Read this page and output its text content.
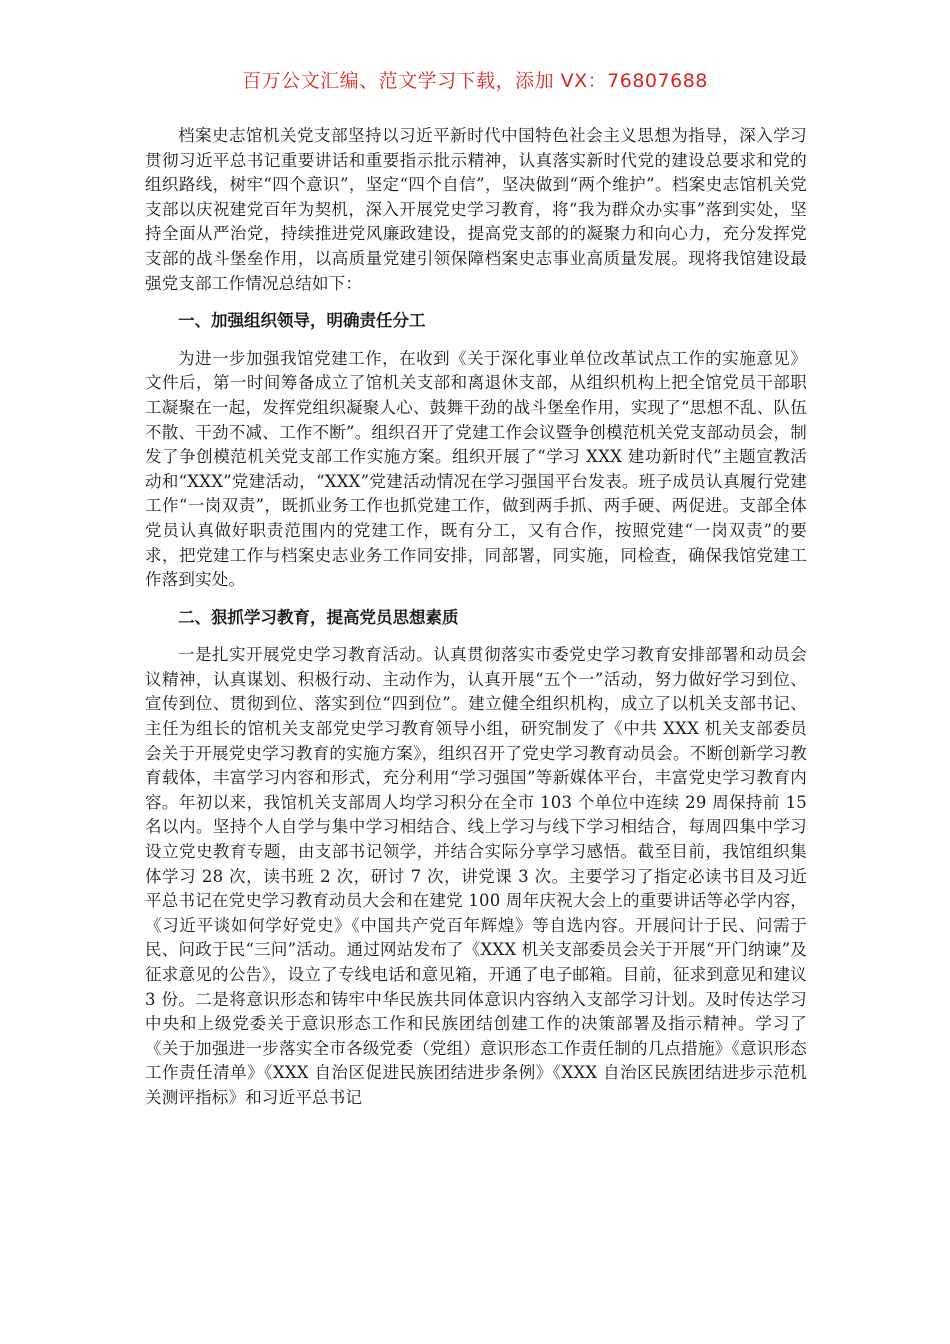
百万公文汇编、范文学习下载，添加 VX：76807688

档案史志馆机关党支部坚持以习近平新时代中国特色社会主义思想为指导，深入学习贯彻习近平总书记重要讲话和重要指示批示精神，认真落实新时代党的建设总要求和党的组织路线，树牢“四个意识”，坚定“四个自信”，坚决做到“两个维护”。档案史志馆机关党支部以庆祝建党百年为契机，深入开展党史学习教育，将“我为群众办实事”落到实处，坚持全面从严治党，持续推进党风廉政建设，提高党支部的的凝聚力和向心力，充分发挥党支部的战斗堡垒作用，以高质量党建引领保障档案史志事业高质量发展。现将我馆建设最强党支部工作情况总结如下：

一、加强组织领导，明确责任分工

为进一步加强我馆党建工作，在收到《关于深化事业单位改革试点工作的实施意见》文件后，第一时间筹备成立了馆机关支部和离退休支部，从组织机构上把全馆党员干部职工凝聚在一起，发挥党组织凝聚人心、鼓舞干劲的战斗堡垒作用，实现了“思想不乱、队伍不散、干劲不减、工作不断”。组织召开了党建工作会议暨争创模范机关党支部动员会，制发了争创模范机关党支部工作实施方案。组织开展了“学习 XXX 建功新时代”主题宣教活动和“XXX”党建活动，“XXX”党建活动情况在学习强国平台发表。班子成员认真履行党建工作“一岗双责”，既抓业务工作也抓党建工作，做到两手抓、两手硬、两促进。支部全体党员认真做好职责范围内的党建工作，既有分工，又有合作，按照党建“一岗双责”的要求，把党建工作与档案史志业务工作同安排，同部署，同实施，同检查，确保我馆党建工作落到实处。

二、狠抓学习教育，提高党员思想素质

一是扎实开展党史学习教育活动。认真贯彻落实市委党史学习教育安排部署和动员会议精神，认真谋划、积极行动、主动作为，认真开展“五个一”活动，努力做好学习到位、宣传到位、贯彻到位、落实到位“四到位”。建立健全组织机构，成立了以机关支部书记、主任为组长的馆机关支部党史学习教育领导小组，研究制发了《中共 XXX 机关支部委员会关于开展党史学习教育的实施方案》，组织召开了党史学习教育动员会。不断创新学习教育载体，丰富学习内容和形式，充分利用“学习强国”等新媒体平台，丰富党史学习教育内容。年初以来，我馆机关支部周人均学习积分在全市 103 个单位中连续 29 周保持前 15 名以内。坚持个人自学与集中学习相结合、线上学习与线下学习相结合，每周四集中学习设立党史教育专题，由支部书记领学，并结合实际分享学习感悟。截至目前，我馆组织集体学习 28 次，读书班 2 次，研讨 7 次，讲党课 3 次。主要学习了指定必读书目及习近平总书记在党史学习教育动员大会和在建党 100 周年庆祝大会上的重要讲话等必学内容，《习近平谈如何学好党史》《中国共产党百年辉煌》等自选内容。开展问计于民、问需于民、问政于民“三问”活动。通过网站发布了《XXX 机关支部委员会关于开展“开门纳谏”及征求意见的公告》，设立了专线电话和意见箱，开通了电子邮箱。目前，征求到意见和建议 3 份。二是将意识形态和铸牢中华民族共同体意识内容纳入支部学习计划。及时传达学习中央和上级党委关于意识形态工作和民族团结创建工作的决策部署及指示精神。学习了《关于加强进一步落实全市各级党委（党组）意识形态工作责任制的几点措施》《意识形态工作责任清单》《XXX 自治区促进民族团结进步条例》《XXX 自治区民族团结进步示范机关测评指标》和习近平总书记
